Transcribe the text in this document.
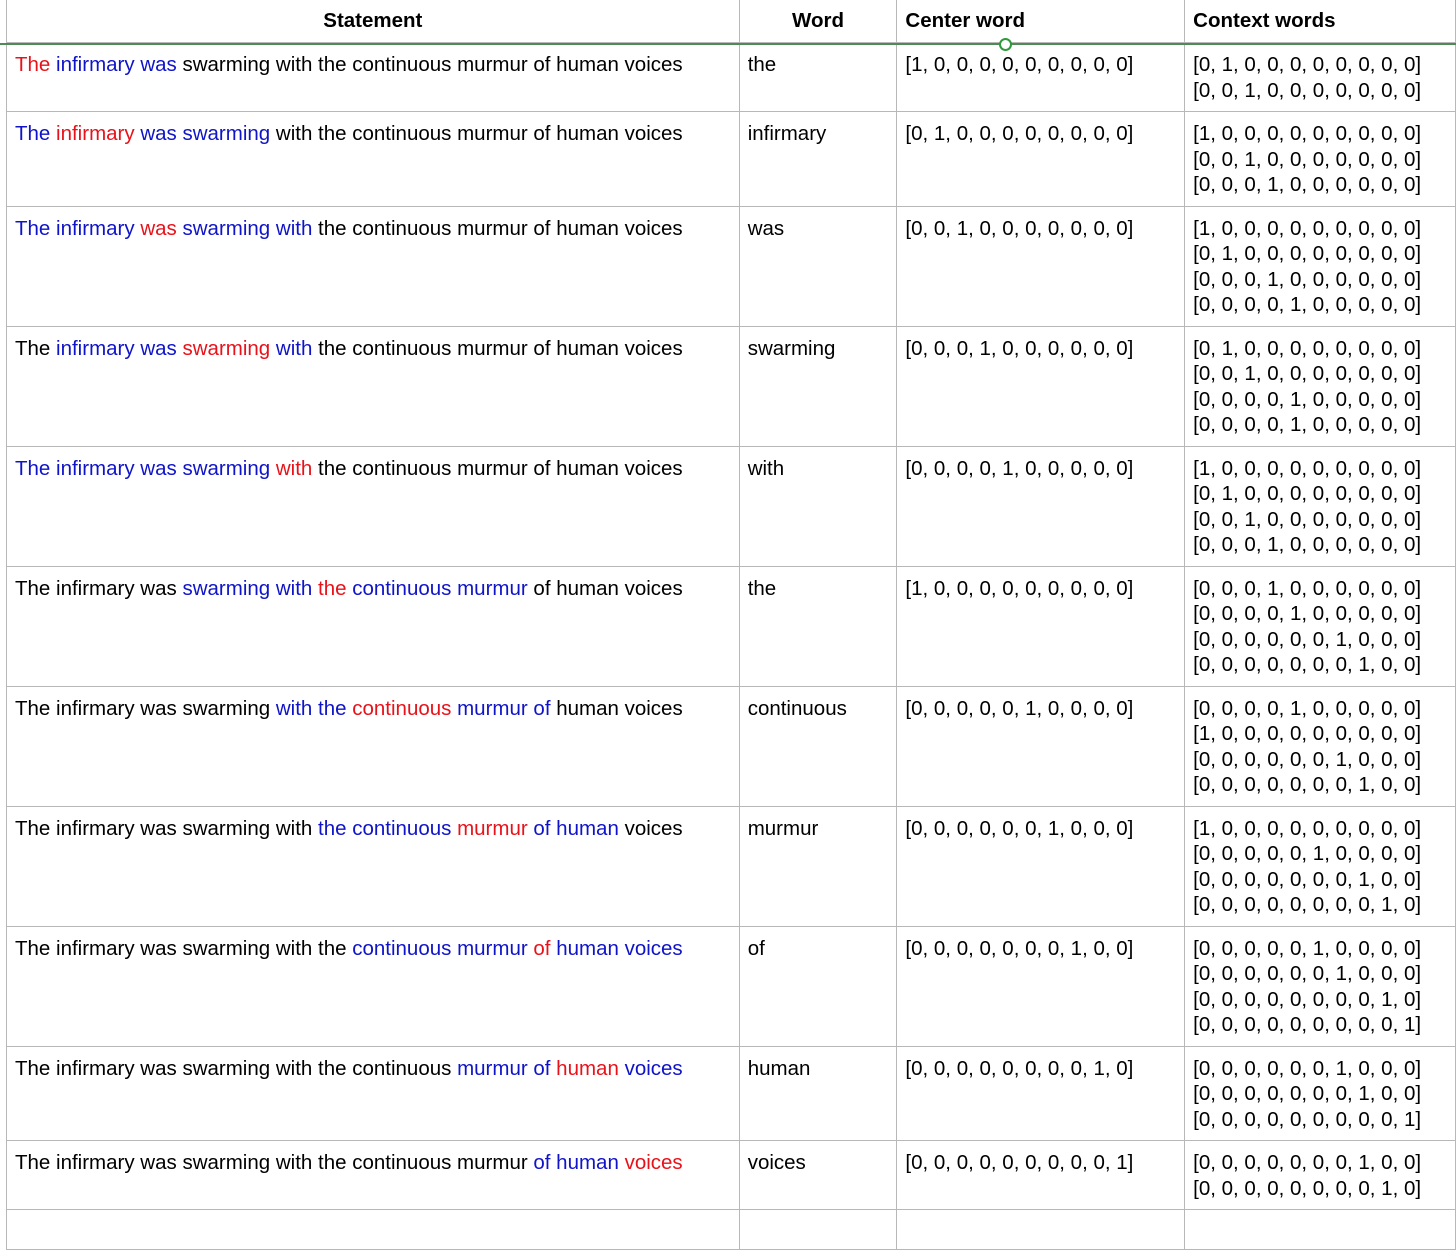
Statement	Word	Center word	Context words
The infirmary was swarming with the continuous murmur of human voices	the	[1, 0, 0, 0, 0, 0, 0, 0, 0, 0]	[0, 1, 0, 0, 0, 0, 0, 0, 0, 0]
[0, 0, 1, 0, 0, 0, 0, 0, 0, 0]

The infirmary was swarming with the continuous murmur of human voices	infirmary	[0, 1, 0, 0, 0, 0, 0, 0, 0, 0]	[1, 0, 0, 0, 0, 0, 0, 0, 0, 0]
[0, 0, 1, 0, 0, 0, 0, 0, 0, 0]
[0, 0, 0, 1, 0, 0, 0, 0, 0, 0]

The infirmary was swarming with the continuous murmur of human voices	was	[0, 0, 1, 0, 0, 0, 0, 0, 0, 0]	[1, 0, 0, 0, 0, 0, 0, 0, 0, 0]
[0, 1, 0, 0, 0, 0, 0, 0, 0, 0]
[0, 0, 0, 1, 0, 0, 0, 0, 0, 0]
[0, 0, 0, 0, 1, 0, 0, 0, 0, 0]

The infirmary was swarming with the continuous murmur of human voices	swarming	[0, 0, 0, 1, 0, 0, 0, 0, 0, 0]	[0, 1, 0, 0, 0, 0, 0, 0, 0, 0]
[0, 0, 1, 0, 0, 0, 0, 0, 0, 0]
[0, 0, 0, 0, 1, 0, 0, 0, 0, 0]
[0, 0, 0, 0, 1, 0, 0, 0, 0, 0]

The infirmary was swarming with the continuous murmur of human voices	with	[0, 0, 0, 0, 1, 0, 0, 0, 0, 0]	[1, 0, 0, 0, 0, 0, 0, 0, 0, 0]
[0, 1, 0, 0, 0, 0, 0, 0, 0, 0]
[0, 0, 1, 0, 0, 0, 0, 0, 0, 0]
[0, 0, 0, 1, 0, 0, 0, 0, 0, 0]

The infirmary was swarming with the continuous murmur of human voices	the	[1, 0, 0, 0, 0, 0, 0, 0, 0, 0]	[0, 0, 0, 1, 0, 0, 0, 0, 0, 0]
[0, 0, 0, 0, 1, 0, 0, 0, 0, 0]
[0, 0, 0, 0, 0, 0, 1, 0, 0, 0]
[0, 0, 0, 0, 0, 0, 0, 1, 0, 0]

The infirmary was swarming with the continuous murmur of human voices	continuous	[0, 0, 0, 0, 0, 1, 0, 0, 0, 0]	[0, 0, 0, 0, 1, 0, 0, 0, 0, 0]
[1, 0, 0, 0, 0, 0, 0, 0, 0, 0]
[0, 0, 0, 0, 0, 0, 1, 0, 0, 0]
[0, 0, 0, 0, 0, 0, 0, 1, 0, 0]

The infirmary was swarming with the continuous murmur of human voices	murmur	[0, 0, 0, 0, 0, 0, 1, 0, 0, 0]	[1, 0, 0, 0, 0, 0, 0, 0, 0, 0]
[0, 0, 0, 0, 0, 1, 0, 0, 0, 0]
[0, 0, 0, 0, 0, 0, 0, 1, 0, 0]
[0, 0, 0, 0, 0, 0, 0, 0, 1, 0]

The infirmary was swarming with the continuous murmur of human voices	of	[0, 0, 0, 0, 0, 0, 0, 1, 0, 0]	[0, 0, 0, 0, 0, 1, 0, 0, 0, 0]
[0, 0, 0, 0, 0, 0, 1, 0, 0, 0]
[0, 0, 0, 0, 0, 0, 0, 0, 1, 0]
[0, 0, 0, 0, 0, 0, 0, 0, 0, 1]

The infirmary was swarming with the continuous murmur of human voices	human	[0, 0, 0, 0, 0, 0, 0, 0, 1, 0]	[0, 0, 0, 0, 0, 0, 1, 0, 0, 0]
[0, 0, 0, 0, 0, 0, 0, 1, 0, 0]
[0, 0, 0, 0, 0, 0, 0, 0, 0, 1]

The infirmary was swarming with the continuous murmur of human voices	voices	[0, 0, 0, 0, 0, 0, 0, 0, 0, 1]	[0, 0, 0, 0, 0, 0, 0, 1, 0, 0]
[0, 0, 0, 0, 0, 0, 0, 0, 1, 0]
